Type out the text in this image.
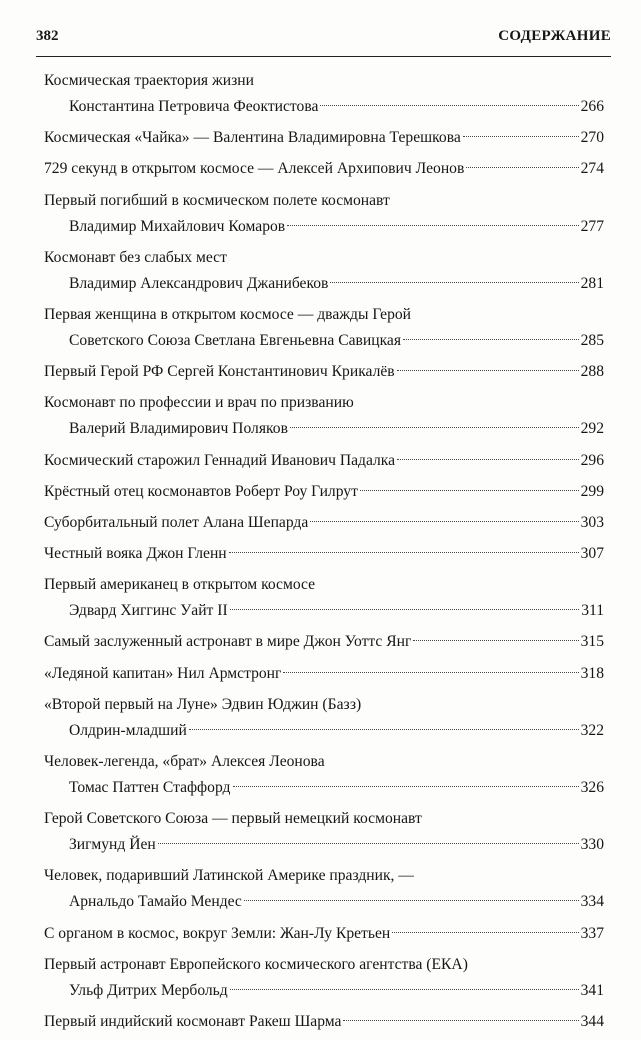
382	СОДЕРЖАНИЕ
Космическая траектория жизни
Константина Петровича Феоктистова	266
Космическая «Чайка» — Валентина Владимировна Терешкова	270
729 секунд в открытом космосе — Алексей Архипович Леонов	274
Первый погибший в космическом полете космонавт
Владимир Михайлович Комаров	277
Космонавт без слабых мест
Владимир Александрович Джанибеков	281
Первая женщина в открытом космосе — дважды Герой
Советского Союза Светлана Евгеньевна Савицкая	285
Первый Герой РФ Сергей Константинович Крикалёв	288
Космонавт по профессии и врач по призванию
Валерий Владимирович Поляков	292
Космический старожил Геннадий Иванович Падалка	296
Крёстный отец космонавтов Роберт Роу Гилрут	299
Суборбитальный полет Алана Шепарда	303
Честный вояка Джон Гленн	307
Первый американец в открытом космосе
Эдвард Хиггинс Уайт II	311
Самый заслуженный астронавт в мире Джон Уоттс Янг	315
«Ледяной капитан» Нил Армстронг	318
«Второй первый на Луне» Эдвин Юджин (Базз)
Олдрин-младший	322
Человек-легенда, «брат» Алексея Леонова
Томас Паттен Стаффорд	326
Герой Советского Союза — первый немецкий космонавт
Зигмунд Йен	330
Человек, подаривший Латинской Америке праздник, —
Арнальдо Тамайо Мендес	334
С органом в космос, вокруг Земли: Жан-Лу Кретьен	337
Первый астронавт Европейского космического агентства (ЕКА)
Ульф Дитрих Мербольд	341
Первый индийский космонавт Ракеш Шарма	344
